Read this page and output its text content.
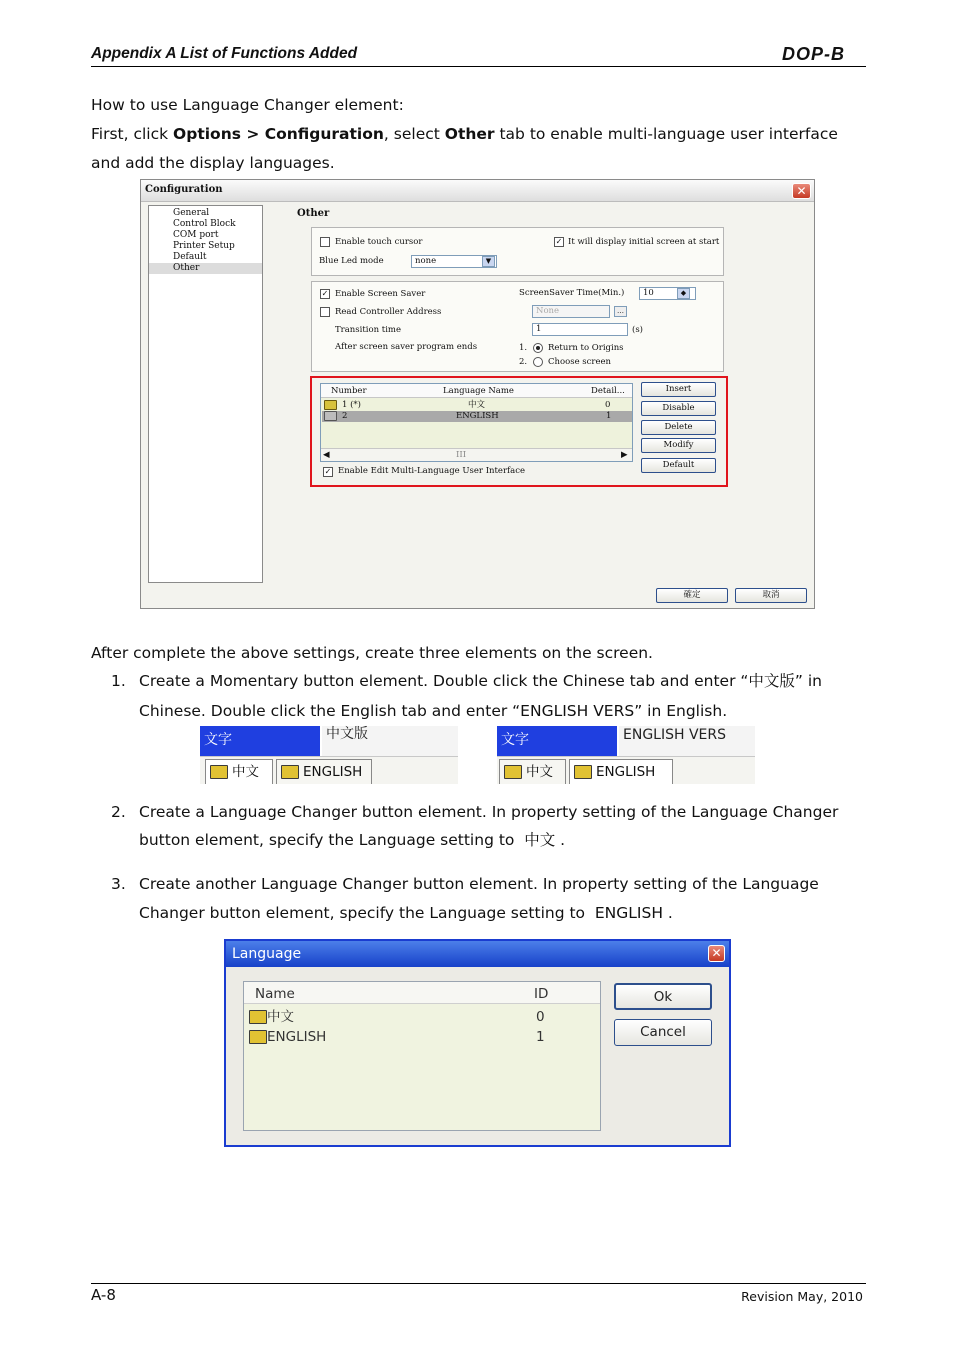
Appendix A List of Functions Added	DOP-B
How to use Language Changer element:
First, click Options > Configuration, select Other tab to enable multi-language user interface
and add the display languages.
Configuration	✕
General
Control Block
COM port
Printer Setup
Default
Other
Other
Enable touch cursor	✓ It will display initial screen at start
Blue Led mode	none	▼
✓ Enable Screen Saver	ScreenSaver Time(Min.)	10	◆
Read Controller Address	None	…
Transition time	1	(s)
After screen saver program ends	1. Return to Origins
2. Choose screen
Number	Language Name	Detail...
1 (*)	中文	0
2	ENGLISH	1
◀	III	▶
✓ Enable Edit Multi-Language User Interface
Insert
Disable
Delete
Modify
Default
確定	取消
After complete the above settings, create three elements on the screen.
1. Create a Momentary button element. Double click the Chinese tab and enter “中文版” in
Chinese. Double click the English tab and enter “ENGLISH VERS” in English.
文字	中文版
中文	ENGLISH
文字	ENGLISH VERS
中文	ENGLISH
2. Create a Language Changer button element. In property setting of the Language Changer
button element, specify the Language setting to  中文 .
3. Create another Language Changer button element. In property setting of the Language
Changer button element, specify the Language setting to  ENGLISH .
Language	✕
Name	ID
中文	0
ENGLISH	1
Ok
Cancel
A-8	Revision May, 2010
